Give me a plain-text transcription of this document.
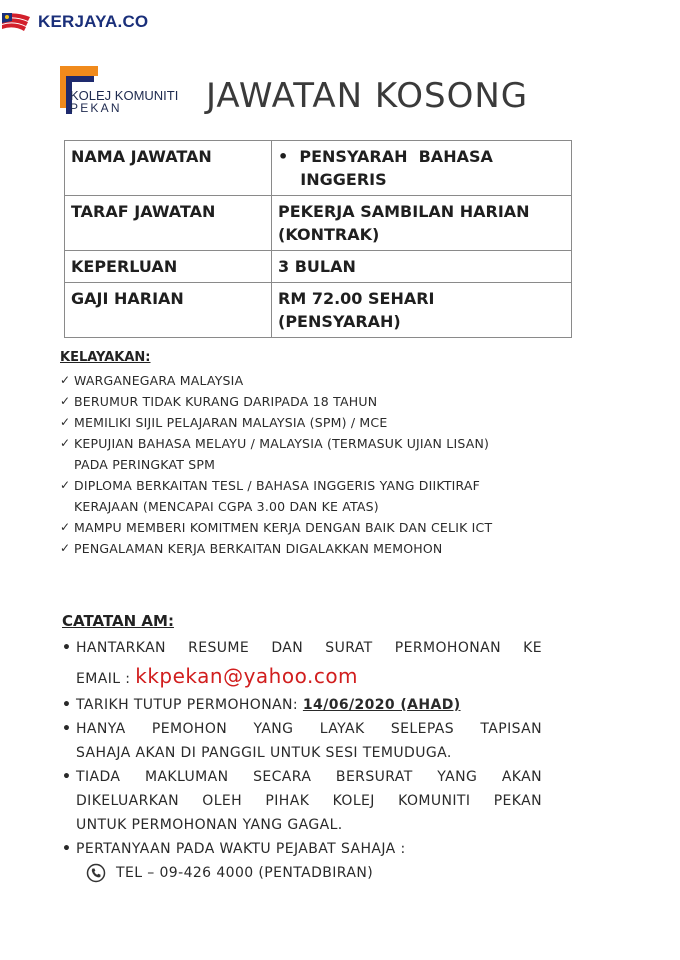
KERJAYA.CO
KOLEJ KOMUNITI
PEKAN JAWATAN KOSONG
NAMA JAWATAN	•  PENSYARAH  BAHASA
INGGERIS

TARAF JAWATAN	PEKERJA SAMBILAN HARIAN
(KONTRAK)

KEPERLUAN	3 BULAN

GAJI HARIAN	RM 72.00 SEHARI
(PENSYARAH)
KELAYAKAN:
✓ WARGANEGARA MALAYSIA
✓ BERUMUR TIDAK KURANG DARIPADA 18 TAHUN
✓ MEMILIKI SIJIL PELAJARAN MALAYSIA (SPM) / MCE
✓ KEPUJIAN BAHASA MELAYU / MALAYSIA (TERMASUK UJIAN LISAN)
PADA PERINGKAT SPM
✓ DIPLOMA BERKAITAN TESL / BAHASA INGGERIS YANG DIIKTIRAF
KERAJAAN (MENCAPAI CGPA 3.00 DAN KE ATAS)
✓ MAMPU MEMBERI KOMITMEN KERJA DENGAN BAIK DAN CELIK ICT
✓ PENGALAMAN KERJA BERKAITAN DIGALAKKAN MEMOHON
CATATAN AM:
• HANTARKAN RESUME DAN SURAT PERMOHONAN KE
EMAIL : kkpekan@yahoo.com
• TARIKH TUTUP PERMOHONAN: 14/06/2020 (AHAD)
• HANYA PEMOHON YANG LAYAK SELEPAS TAPISAN
SAHAJA AKAN DI PANGGIL UNTUK SESI TEMUDUGA.
• TIADA MAKLUMAN SECARA BERSURAT YANG AKAN
DIKELUARKAN OLEH PIHAK KOLEJ KOMUNITI PEKAN
UNTUK PERMOHONAN YANG GAGAL.
• PERTANYAAN PADA WAKTU PEJABAT SAHAJA :
TEL – 09-426 4000 (PENTADBIRAN)
